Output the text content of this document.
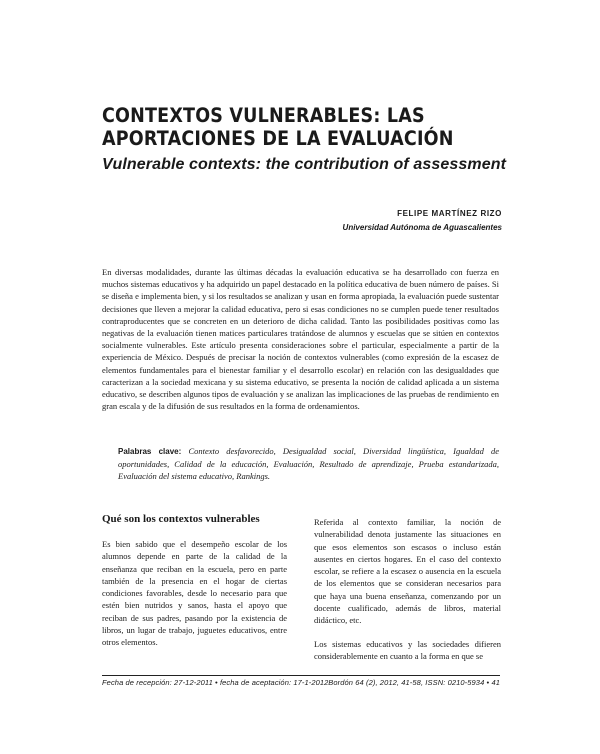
CONTEXTOS VULNERABLES: LAS APORTACIONES DE LA EVALUACIÓN
Vulnerable contexts: the contribution of assessment
FELIPE MARTÍNEZ RIZO
Universidad Autónoma de Aguascalientes

En diversas modalidades, durante las últimas décadas la evaluación educativa se ha desarrollado con fuerza en muchos sistemas educativos y ha adquirido un papel destacado en la política educativa de buen número de países. Si se diseña e implementa bien, y si los resultados se analizan y usan en forma apropiada, la evaluación puede sustentar decisiones que lleven a mejorar la calidad educativa, pero si esas condiciones no se cumplen puede tener resultados contraproducentes que se concreten en un deterioro de dicha calidad. Tanto las posibilidades positivas como las negativas de la evaluación tienen matices particulares tratándose de alumnos y escuelas que se sitúen en contextos socialmente vulnerables. Este artículo presenta consideraciones sobre el particular, especialmente a partir de la experiencia de México. Después de precisar la noción de contextos vulnerables (como expresión de la escasez de elementos fundamentales para el bienestar familiar y el desarrollo escolar) en relación con las desigualdades que caracterizan a la sociedad mexicana y su sistema educativo, se presenta la noción de calidad aplicada a un sistema educativo, se describen algunos tipos de evaluación y se analizan las implicaciones de las pruebas de rendimiento en gran escala y de la difusión de sus resultados en la forma de ordenamientos.

Palabras clave: Contexto desfavorecido, Desigualdad social, Diversidad lingüística, Igualdad de oportunidades, Calidad de la educación, Evaluación, Resultado de aprendizaje, Prueba estandarizada, Evaluación del sistema educativo, Rankings.

Qué son los contextos vulnerables

Es bien sabido que el desempeño escolar de los alumnos depende en parte de la calidad de la enseñanza que reciban en la escuela, pero en parte también de la presencia en el hogar de ciertas condiciones favorables, desde lo necesario para que estén bien nutridos y sanos, hasta el apoyo que reciban de sus padres, pasando por la existencia de libros, un lugar de trabajo, juguetes educativos, entre otros elementos.

Referida al contexto familiar, la noción de vulnerabilidad denota justamente las situaciones en que esos elementos son escasos o incluso están ausentes en ciertos hogares. En el caso del contexto escolar, se refiere a la escasez o ausencia en la escuela de los elementos que se consideran necesarios para que haya una buena enseñanza, comenzando por un docente cualificado, además de libros, material didáctico, etc.

Los sistemas educativos y las sociedades difieren considerablemente en cuanto a la forma en que se

Fecha de recepción: 27-12-2011 • fecha de aceptación: 17-1-2012 Bordón 64 (2), 2012, 41-58, ISSN: 0210-5934 • 41
